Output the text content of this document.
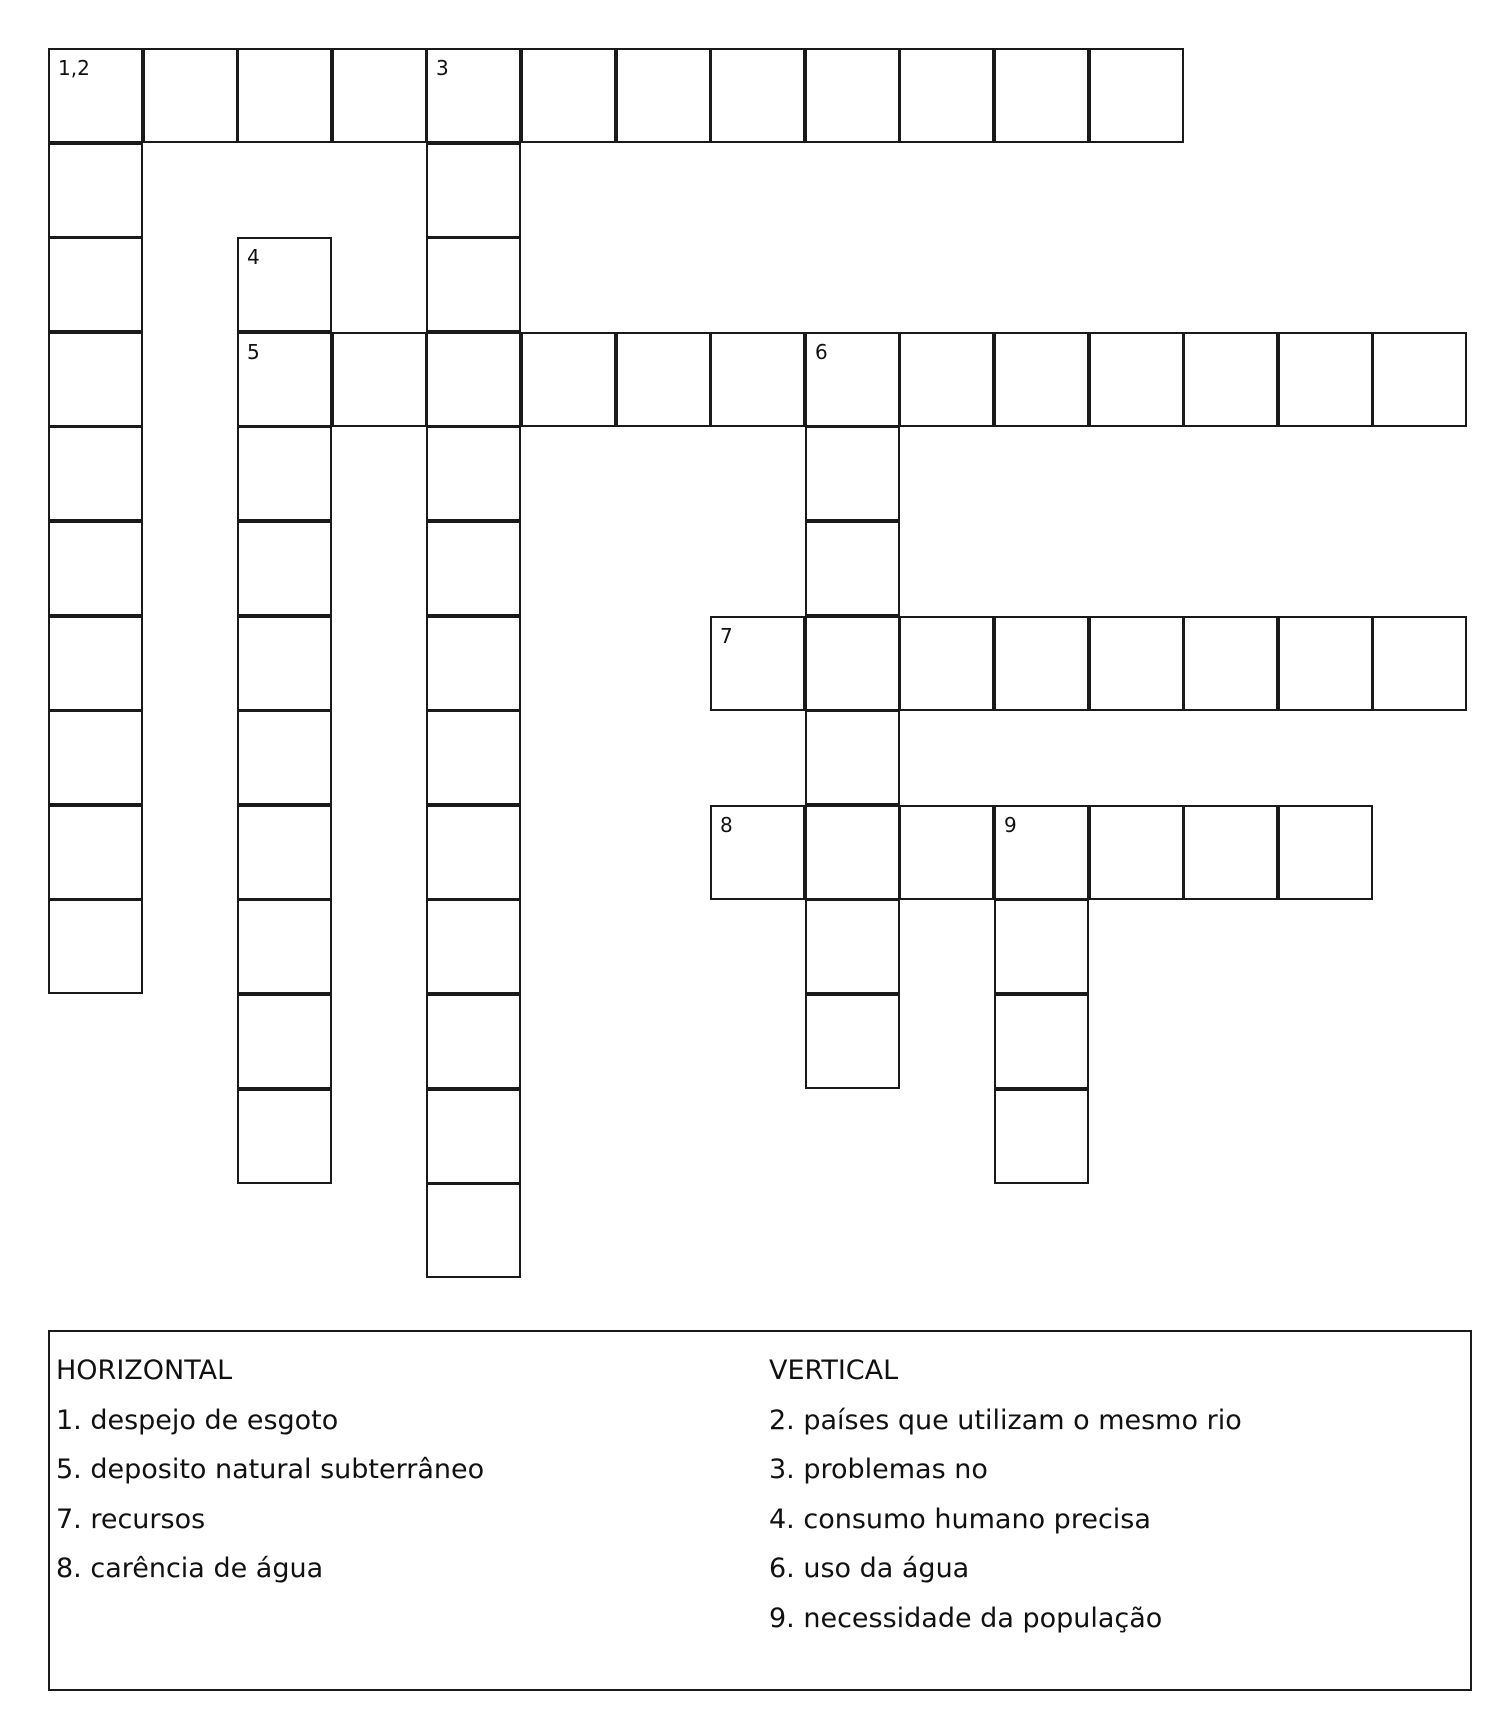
1,2	3
4
5	6
7
8	9
HORIZONTAL
1. despejo de esgoto
5. deposito natural subterrâneo
7. recursos
8. carência de água
VERTICAL
2. países que utilizam o mesmo rio
3. problemas no
4. consumo humano precisa
6. uso da água
9. necessidade da população
